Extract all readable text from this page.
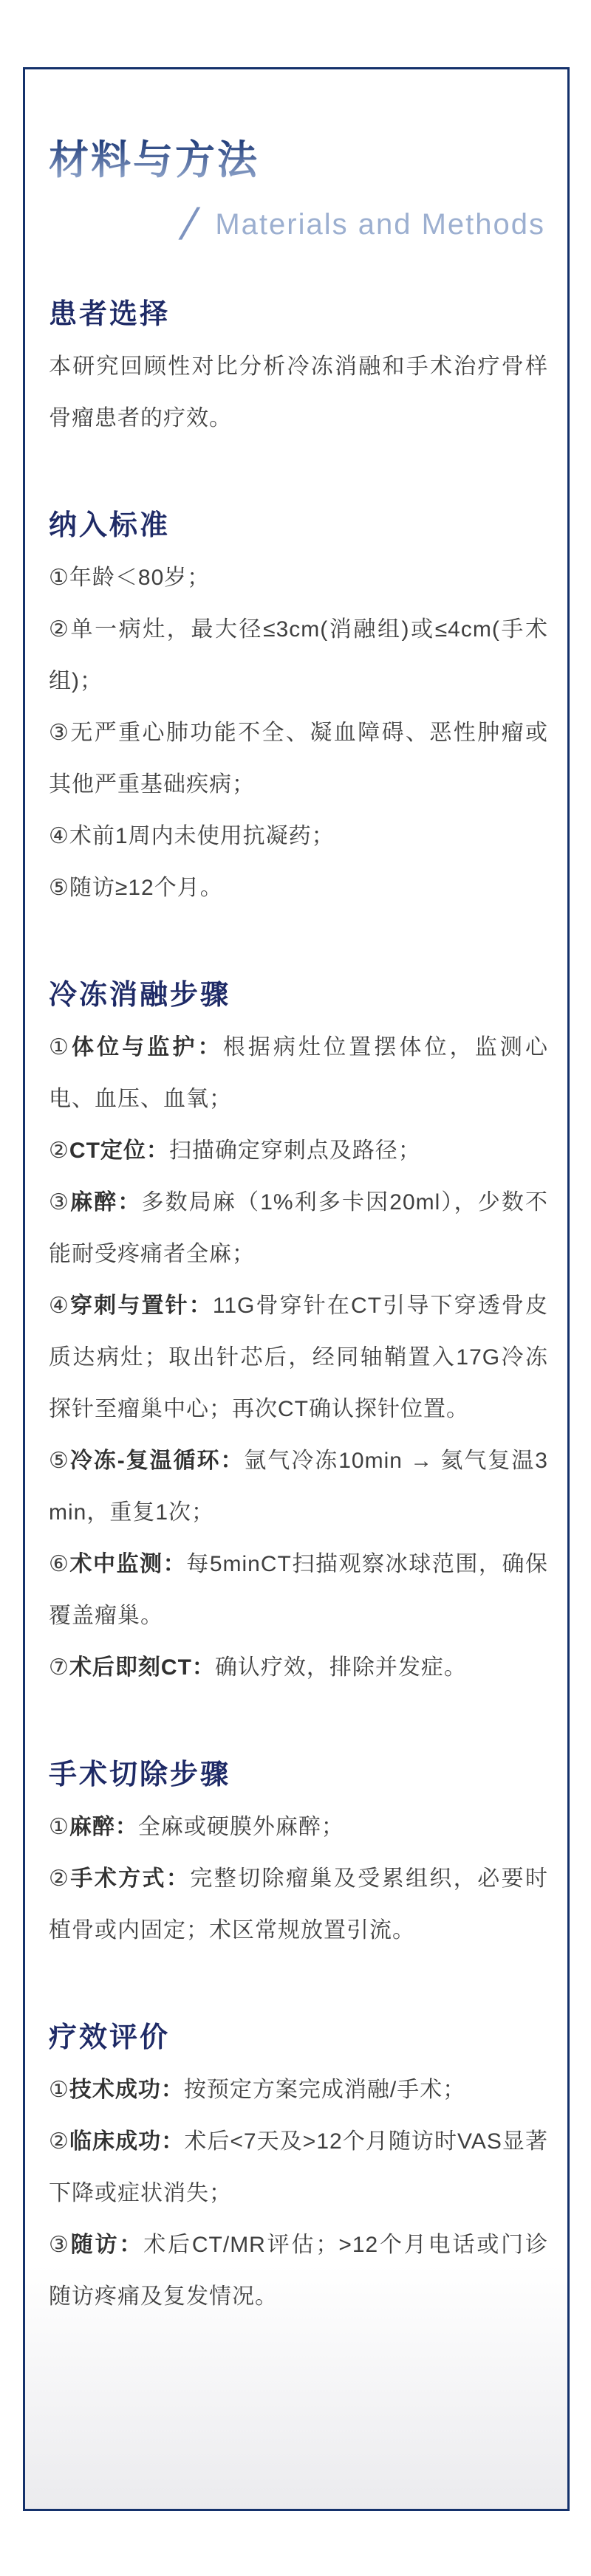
材料与方法
/ Materials and Methods
患者选择

本研究回顾性对比分析冷冻消融和手术治疗骨样骨瘤患者的疗效。

纳入标准

①年龄＜80岁；

②单一病灶，最大径≤3cm(消融组)或≤4cm(手术组)；

③无严重心肺功能不全、凝血障碍、恶性肿瘤或其他严重基础疾病；

④术前1周内未使用抗凝药；

⑤随访≥12个月。

冷冻消融步骤

①体位与监护：根据病灶位置摆体位，监测心电、血压、血氧；

②CT定位：扫描确定穿刺点及路径；

③麻醉：多数局麻（1%利多卡因20ml），少数不能耐受疼痛者全麻；

④穿刺与置针：11G骨穿针在CT引导下穿透骨皮质达病灶；取出针芯后，经同轴鞘置入17G冷冻探针至瘤巢中心；再次CT确认探针位置。

⑤冷冻-复温循环：氩气冷冻10min → 氦气复温3 min，重复1次；

⑥术中监测：每5minCT扫描观察冰球范围，确保覆盖瘤巢。

⑦术后即刻CT：确认疗效，排除并发症。

手术切除步骤

①麻醉：全麻或硬膜外麻醉；

②手术方式：完整切除瘤巢及受累组织，必要时植骨或内固定；术区常规放置引流。

疗效评价

①技术成功：按预定方案完成消融/手术；

②临床成功：术后<7天及>12个月随访时VAS显著下降或症状消失；

③随访：术后CT/MR评估；>12个月电话或门诊随访疼痛及复发情况。
